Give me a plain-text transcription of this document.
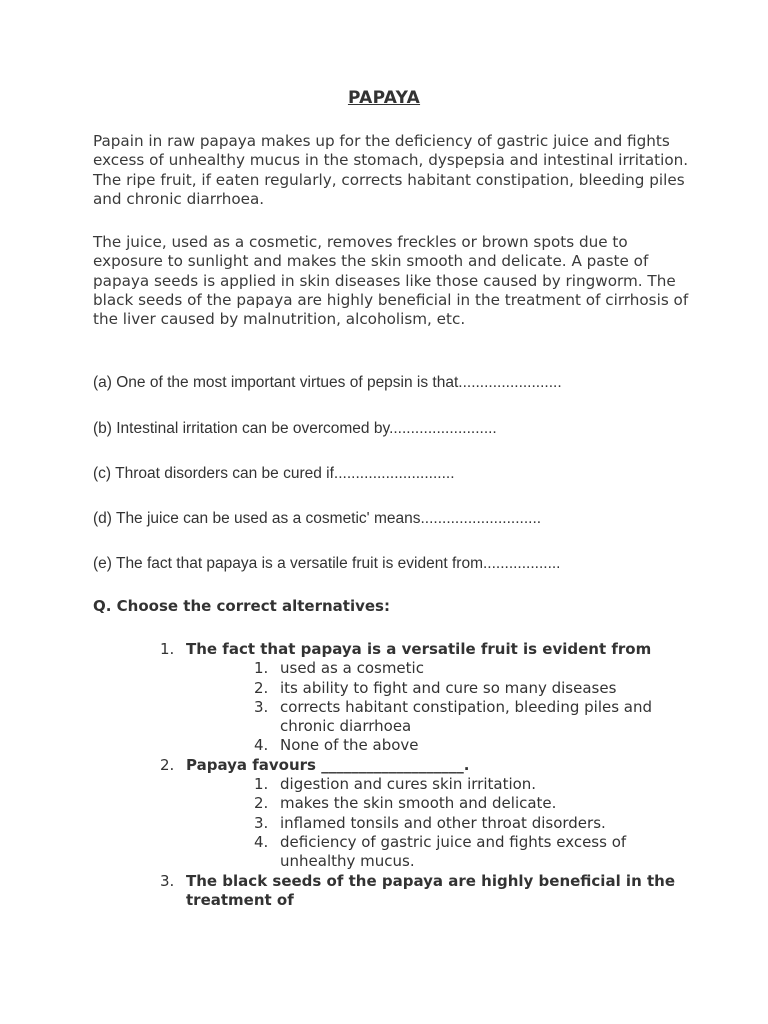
PAPAYA

Papain in raw papaya makes up for the deficiency of gastric juice and fights excess of unhealthy mucus in the stomach, dyspepsia and intestinal irritation. The ripe fruit, if eaten regularly, corrects habitant constipation, bleeding piles and chronic diarrhoea.

The juice, used as a cosmetic, removes freckles or brown spots due to exposure to sunlight and makes the skin smooth and delicate. A paste of papaya seeds is applied in skin diseases like those caused by ringworm. The black seeds of the papaya are highly beneficial in the treatment of cirrhosis of the liver caused by malnutrition, alcoholism, etc.

(a) One of the most important virtues of pepsin is that........................

(b) Intestinal irritation can be overcomed by.........................

(c) Throat disorders can be cured if............................

(d) The juice can be used as a cosmetic' means............................

(e) The fact that papaya is a versatile fruit is evident from..................

Q. Choose the correct alternatives:

1. The fact that papaya is a versatile fruit is evident from
1. used as a cosmetic
2. its ability to fight and cure so many diseases
3. corrects habitant constipation, bleeding piles and chronic diarrhoea
4. None of the above
2. Papaya favours ___________________.
1. digestion and cures skin irritation.
2. makes the skin smooth and delicate.
3. inflamed tonsils and other throat disorders.
4. deficiency of gastric juice and fights excess of unhealthy mucus.
3. The black seeds of the papaya are highly beneficial in the treatment of
